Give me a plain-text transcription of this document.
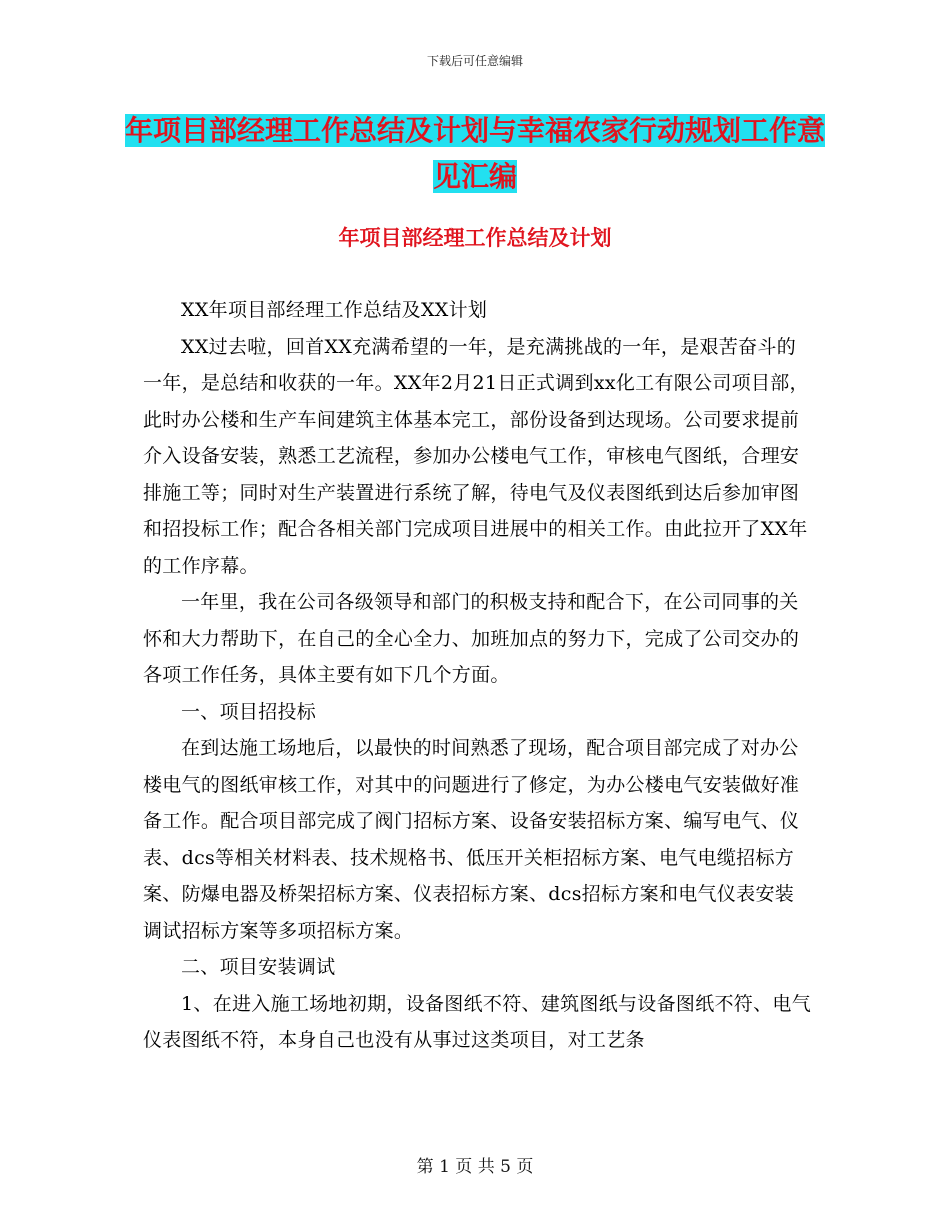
下载后可任意编辑
年项目部经理工作总结及计划与幸福农家行动规划工作意见汇编
年项目部经理工作总结及计划

XX年项目部经理工作总结及XX计划

XX过去啦，回首XX充满希望的一年，是充满挑战的一年，是艰苦奋斗的一年，是总结和收获的一年。XX年2月21日正式调到xx化工有限公司项目部，此时办公楼和生产车间建筑主体基本完工，部份设备到达现场。公司要求提前介入设备安装，熟悉工艺流程，参加办公楼电气工作，审核电气图纸，合理安排施工等；同时对生产装置进行系统了解，待电气及仪表图纸到达后参加审图和招投标工作；配合各相关部门完成项目进展中的相关工作。由此拉开了XX年的工作序幕。

一年里，我在公司各级领导和部门的积极支持和配合下，在公司同事的关怀和大力帮助下，在自己的全心全力、加班加点的努力下，完成了公司交办的各项工作任务，具体主要有如下几个方面。

一、项目招投标

在到达施工场地后，以最快的时间熟悉了现场，配合项目部完成了对办公楼电气的图纸审核工作，对其中的问题进行了修定，为办公楼电气安装做好准备工作。配合项目部完成了阀门招标方案、设备安装招标方案、编写电气、仪表、dcs等相关材料表、技术规格书、低压开关柜招标方案、电气电缆招标方案、防爆电器及桥架招标方案、仪表招标方案、dcs招标方案和电气仪表安装调试招标方案等多项招标方案。

二、项目安装调试

1、在进入施工场地初期，设备图纸不符、建筑图纸与设备图纸不符、电气仪表图纸不符，本身自己也没有从事过这类项目，对工艺条

第 1 页 共 5 页
